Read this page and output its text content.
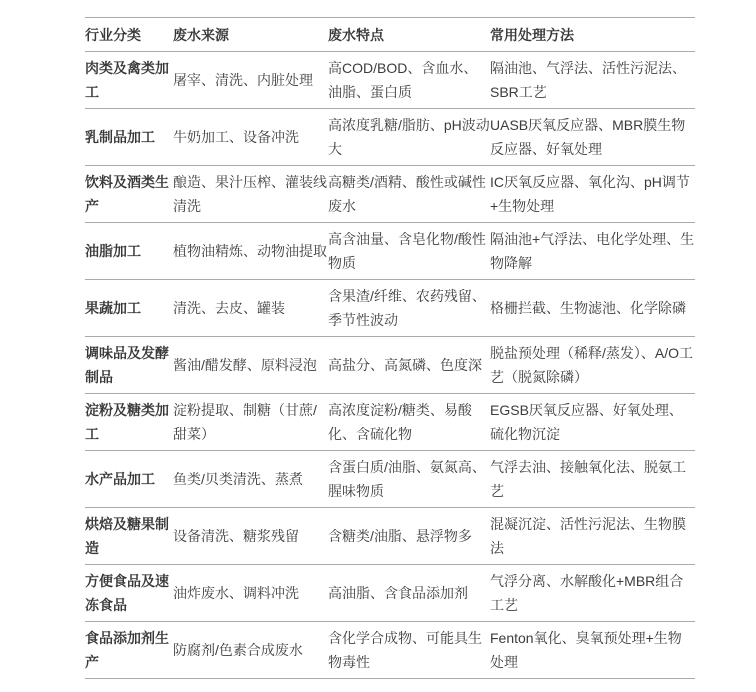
行业分类	废水来源	废水特点	常用处理方法
肉类及禽类加工	屠宰、清洗、内脏处理	高COD/BOD、含血水、油脂、蛋白质	隔油池、气浮法、活性污泥法、SBR工艺
乳制品加工	牛奶加工、设备冲洗	高浓度乳糖/脂肪、pH波动大	UASB厌氧反应器、MBR膜生物反应器、好氧处理
饮料及酒类生产	酿造、果汁压榨、灌装线清洗	高糖类/酒精、酸性或碱性废水	IC厌氧反应器、氧化沟、pH调节+生物处理
油脂加工	植物油精炼、动物油提取	高含油量、含皂化物/酸性物质	隔油池+气浮法、电化学处理、生物降解
果蔬加工	清洗、去皮、罐装	含果渣/纤维、农药残留、季节性波动	格栅拦截、生物滤池、化学除磷
调味品及发酵制品	酱油/醋发酵、原料浸泡	高盐分、高氮磷、色度深	脱盐预处理（稀释/蒸发）、A/O工艺（脱氮除磷）
淀粉及糖类加工	淀粉提取、制糖（甘蔗/甜菜）	高浓度淀粉/糖类、易酸化、含硫化物	EGSB厌氧反应器、好氧处理、硫化物沉淀
水产品加工	鱼类/贝类清洗、蒸煮	含蛋白质/油脂、氨氮高、腥味物质	气浮去油、接触氧化法、脱氨工艺
烘焙及糖果制造	设备清洗、糖浆残留	含糖类/油脂、悬浮物多	混凝沉淀、活性污泥法、生物膜法
方便食品及速冻食品	油炸废水、调料冲洗	高油脂、含食品添加剂	气浮分离、水解酸化+MBR组合工艺
食品添加剂生产	防腐剂/色素合成废水	含化学合成物、可能具生物毒性	Fenton氧化、臭氧预处理+生物处理
